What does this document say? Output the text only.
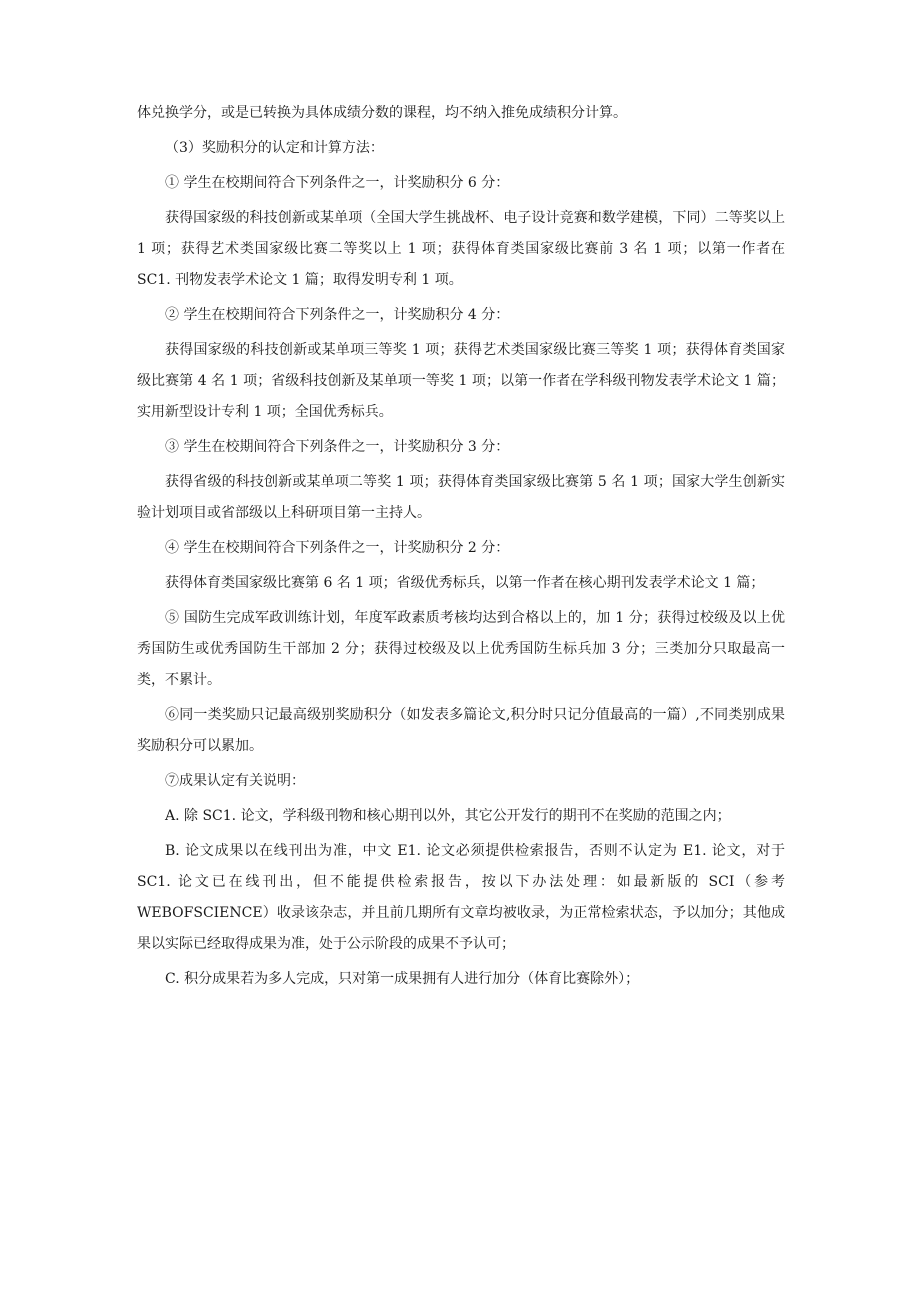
体兑换学分，或是已转换为具体成绩分数的课程，均不纳入推免成绩积分计算。

（3）奖励积分的认定和计算方法：

① 学生在校期间符合下列条件之一，计奖励积分 6 分：

获得国家级的科技创新或某单项（全国大学生挑战杯、电子设计竞赛和数学建模，下同）二等奖以上 1 项；获得艺术类国家级比赛二等奖以上 1 项；获得体育类国家级比赛前 3 名 1 项；以第一作者在 SC1. 刊物发表学术论文 1 篇；取得发明专利 1 项。

② 学生在校期间符合下列条件之一，计奖励积分 4 分：

获得国家级的科技创新或某单项三等奖 1 项；获得艺术类国家级比赛三等奖 1 项；获得体育类国家级比赛第 4 名 1 项；省级科技创新及某单项一等奖 1 项；以第一作者在学科级刊物发表学术论文 1 篇；实用新型设计专利 1 项；全国优秀标兵。

③ 学生在校期间符合下列条件之一，计奖励积分 3 分：

获得省级的科技创新或某单项二等奖 1 项；获得体育类国家级比赛第 5 名 1 项；国家大学生创新实验计划项目或省部级以上科研项目第一主持人。

④ 学生在校期间符合下列条件之一，计奖励积分 2 分：

获得体育类国家级比赛第 6 名 1 项；省级优秀标兵，以第一作者在核心期刊发表学术论文 1 篇；

⑤ 国防生完成军政训练计划，年度军政素质考核均达到合格以上的，加 1 分；获得过校级及以上优秀国防生或优秀国防生干部加 2 分；获得过校级及以上优秀国防生标兵加 3 分；三类加分只取最高一类，不累计。

⑥同一类奖励只记最高级别奖励积分（如发表多篇论文,积分时只记分值最高的一篇）,不同类别成果奖励积分可以累加。

⑦成果认定有关说明：

A. 除 SC1. 论文，学科级刊物和核心期刊以外，其它公开发行的期刊不在奖励的范围之内；

B. 论文成果以在线刊出为准，中文 E1. 论文必须提供检索报告，否则不认定为 E1. 论文，对于 SC1. 论文已在线刊出，但不能提供检索报告，按以下办法处理：如最新版的 SCI（参考 WEBOFSCIENCE）收录该杂志，并且前几期所有文章均被收录，为正常检索状态，予以加分；其他成果以实际已经取得成果为准，处于公示阶段的成果不予认可；

C. 积分成果若为多人完成，只对第一成果拥有人进行加分（体育比赛除外）；
